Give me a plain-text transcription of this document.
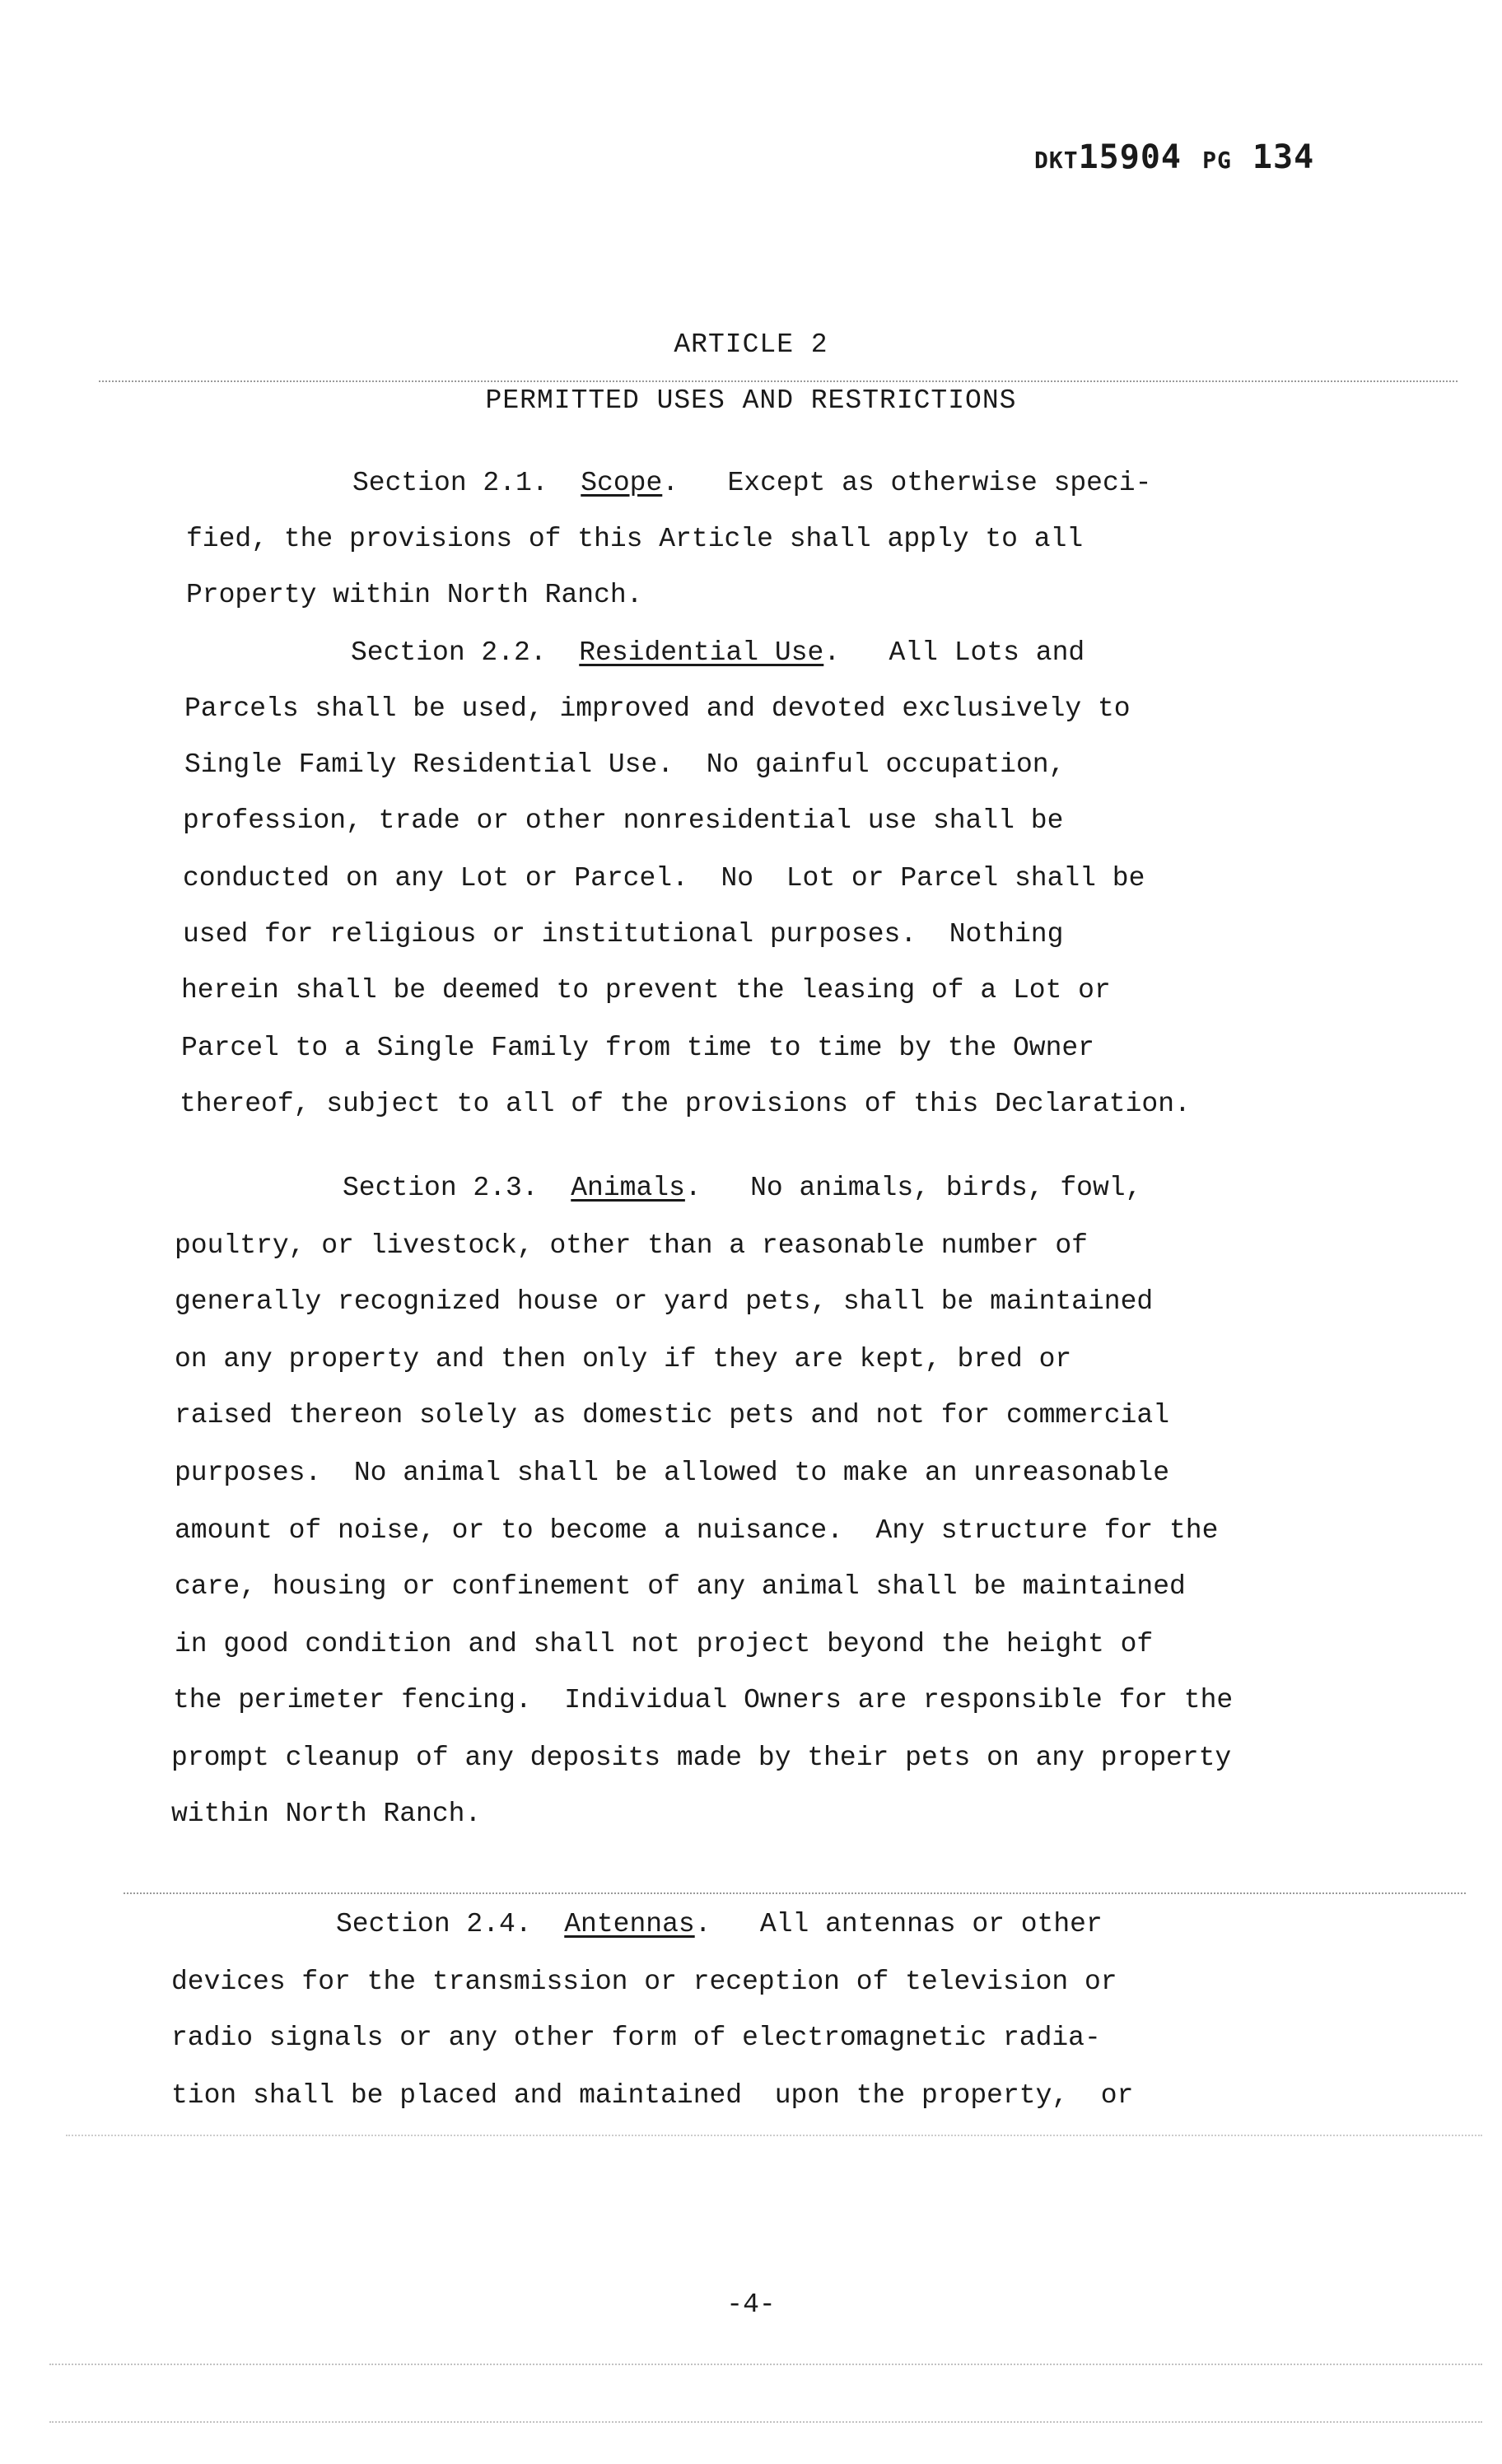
DKT15904 PG 134
ARTICLE 2
PERMITTED USES AND RESTRICTIONS
Section 2.1. Scope.   Except as otherwise speci-
fied, the provisions of this Article shall apply to all
Property within North Ranch.
Section 2.2. Residential Use.   All Lots and
Parcels shall be used, improved and devoted exclusively to
Single Family Residential Use.  No gainful occupation,
profession, trade or other nonresidential use shall be
conducted on any Lot or Parcel.  No  Lot or Parcel shall be
used for religious or institutional purposes.  Nothing
herein shall be deemed to prevent the leasing of a Lot or
Parcel to a Single Family from time to time by the Owner
thereof, subject to all of the provisions of this Declaration.
Section 2.3. Animals.   No animals, birds, fowl,
poultry, or livestock, other than a reasonable number of
generally recognized house or yard pets, shall be maintained
on any property and then only if they are kept, bred or
raised thereon solely as domestic pets and not for commercial
purposes.  No animal shall be allowed to make an unreasonable
amount of noise, or to become a nuisance.  Any structure for the
care, housing or confinement of any animal shall be maintained
in good condition and shall not project beyond the height of
the perimeter fencing.  Individual Owners are responsible for the
prompt cleanup of any deposits made by their pets on any property
within North Ranch.
Section 2.4. Antennas.   All antennas or other
devices for the transmission or reception of television or
radio signals or any other form of electromagnetic radia-
tion shall be placed and maintained  upon the property,  or
-4-
